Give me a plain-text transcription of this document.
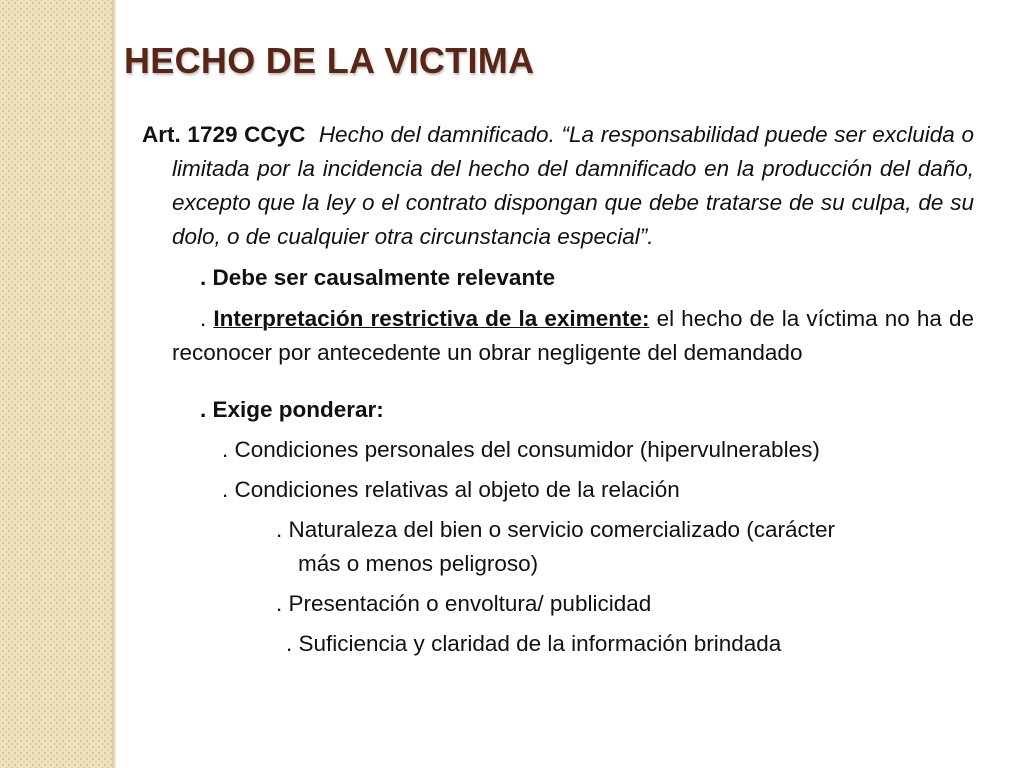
HECHO DE LA VICTIMA

Art. 1729 CCyC Hecho del damnificado. “La responsabilidad puede ser excluida o limitada por la incidencia del hecho del damnificado en la producción del daño, excepto que la ley o el contrato dispongan que debe tratarse de su culpa, de su dolo, o de cualquier otra circunstancia especial”.

. Debe ser causalmente relevante

. Interpretación restrictiva de la eximente: el hecho de la víctima no ha de reconocer por antecedente un obrar negligente del demandado

. Exige ponderar:

. Condiciones personales del consumidor (hipervulnerables)

. Condiciones relativas al objeto de la relación

. Naturaleza del bien o servicio comercializado (carácter

más o menos peligroso)

. Presentación o envoltura/ publicidad

. Suficiencia y claridad de la información brindada
